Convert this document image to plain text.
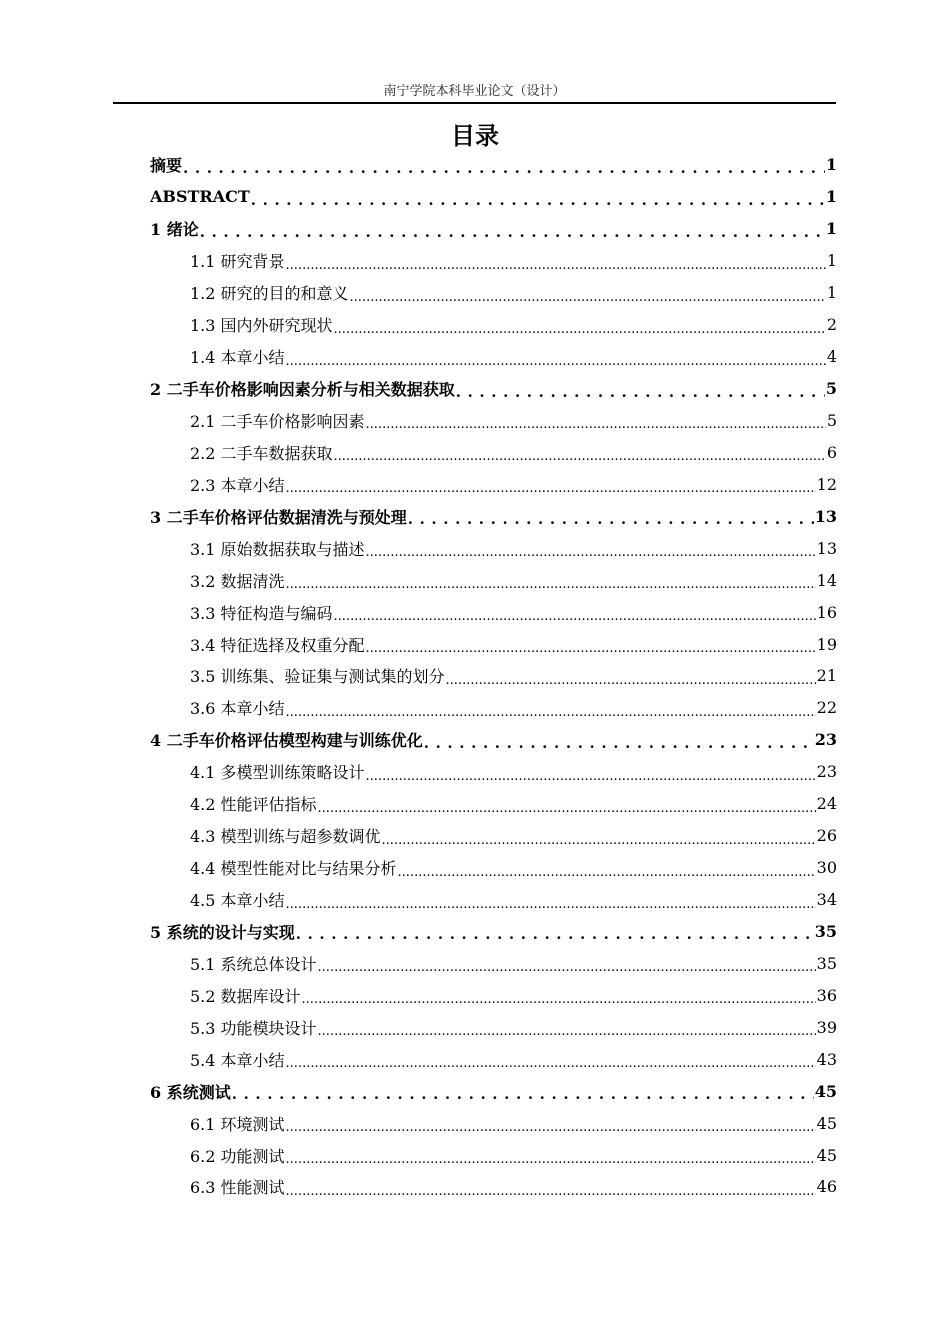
南宁学院本科毕业论文（设计）
目录
摘要 . . .	1
ABSTRACT . . .	1
1 绪论 . . .	1
1.1 研究背景 .....	1
1.2 研究的目的和意义 .....	1
1.3 国内外研究现状 .....	2
1.4 本章小结 .....	4
2 二手车价格影响因素分析与相关数据获取 . . .	5
2.1 二手车价格影响因素 .....	5
2.2 二手车数据获取 .....	6
2.3 本章小结 .....	12
3 二手车价格评估数据清洗与预处理 . . .	13
3.1 原始数据获取与描述 .....	13
3.2 数据清洗 .....	14
3.3 特征构造与编码 .....	16
3.4 特征选择及权重分配 .....	19
3.5 训练集、验证集与测试集的划分 .....	21
3.6 本章小结 .....	22
4 二手车价格评估模型构建与训练优化 . . .	23
4.1 多模型训练策略设计 .....	23
4.2 性能评估指标 .....	24
4.3 模型训练与超参数调优 .....	26
4.4 模型性能对比与结果分析 .....	30
4.5 本章小结 .....	34
5 系统的设计与实现 . . .	35
5.1 系统总体设计 .....	35
5.2 数据库设计 .....	36
5.3 功能模块设计 .....	39
5.4 本章小结 .....	43
6 系统测试 . . .	45
6.1 环境测试 .....	45
6.2 功能测试 .....	45
6.3 性能测试 .....	46
